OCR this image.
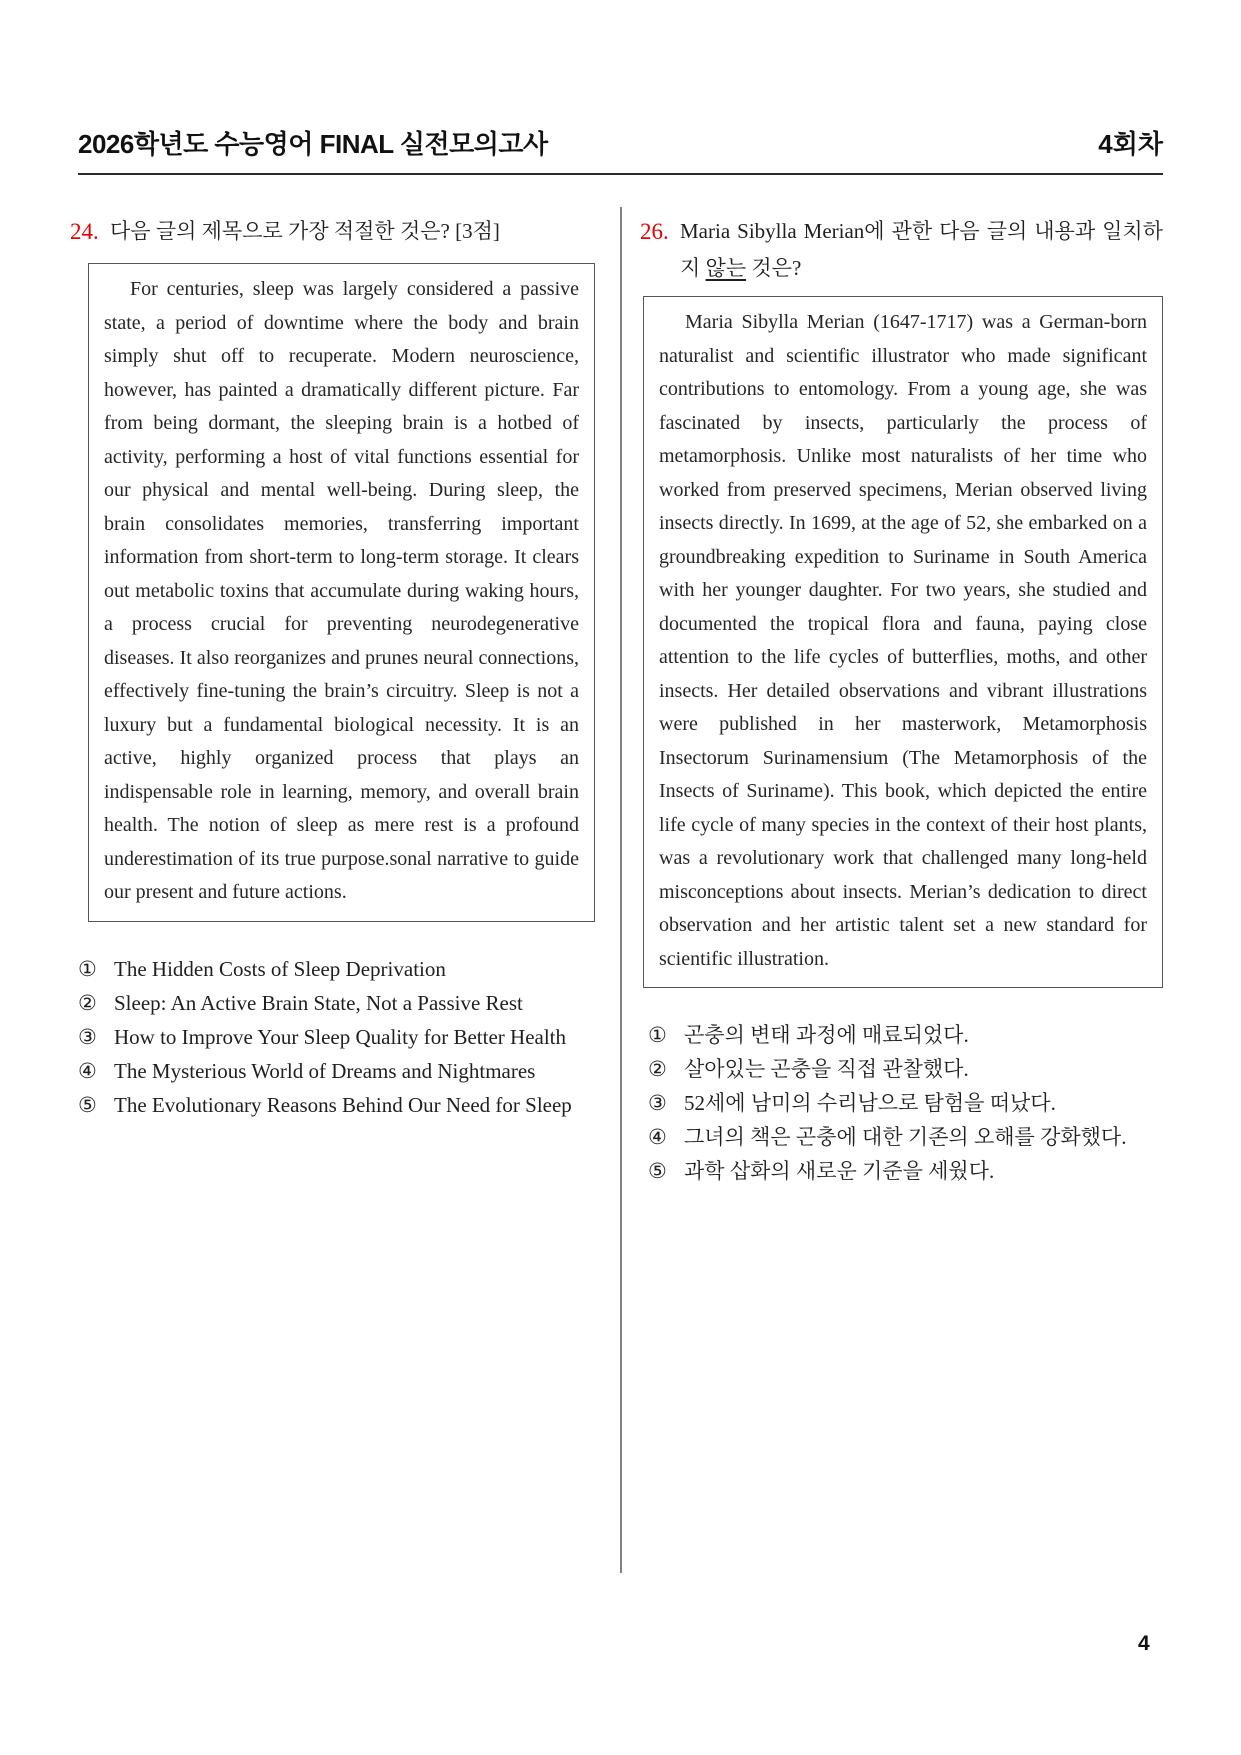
2026학년도 수능영어 FINAL 실전모의고사	4회차
24. 다음 글의 제목으로 가장 적절한 것은? [3점]

For centuries, sleep was largely considered a passive state, a period of downtime where the body and brain simply shut off to recuperate. Modern neuroscience, however, has painted a dramatically different picture. Far from being dormant, the sleeping brain is a hotbed of activity, performing a host of vital functions essential for our physical and mental well-being. During sleep, the brain consolidates memories, transferring important information from short-term to long-term storage. It clears out metabolic toxins that accumulate during waking hours, a process crucial for preventing neurodegenerative diseases. It also reorganizes and prunes neural connections, effectively fine-tuning the brain’s circuitry. Sleep is not a luxury but a fundamental biological necessity. It is an active, highly organized process that plays an indispensable role in learning, memory, and overall brain health. The notion of sleep as mere rest is a profound underestimation of its true purpose.sonal narrative to guide our present and future actions.

① The Hidden Costs of Sleep Deprivation
② Sleep: An Active Brain State, Not a Passive Rest
③ How to Improve Your Sleep Quality for Better Health
④ The Mysterious World of Dreams and Nightmares
⑤ The Evolutionary Reasons Behind Our Need for Sleep
26. Maria Sibylla Merian에 관한 다음 글의 내용과 일치하지 않는 것은?

Maria Sibylla Merian (1647-1717) was a German-born naturalist and scientific illustrator who made significant contributions to entomology. From a young age, she was fascinated by insects, particularly the process of metamorphosis. Unlike most naturalists of her time who worked from preserved specimens, Merian observed living insects directly. In 1699, at the age of 52, she embarked on a groundbreaking expedition to Suriname in South America with her younger daughter. For two years, she studied and documented the tropical flora and fauna, paying close attention to the life cycles of butterflies, moths, and other insects. Her detailed observations and vibrant illustrations were published in her masterwork, Metamorphosis Insectorum Surinamensium (The Metamorphosis of the Insects of Suriname). This book, which depicted the entire life cycle of many species in the context of their host plants, was a revolutionary work that challenged many long-held misconceptions about insects. Merian’s dedication to direct observation and her artistic talent set a new standard for scientific illustration.

① 곤충의 변태 과정에 매료되었다.
② 살아있는 곤충을 직접 관찰했다.
③ 52세에 남미의 수리남으로 탐험을 떠났다.
④ 그녀의 책은 곤충에 대한 기존의 오해를 강화했다.
⑤ 과학 삽화의 새로운 기준을 세웠다.
4
